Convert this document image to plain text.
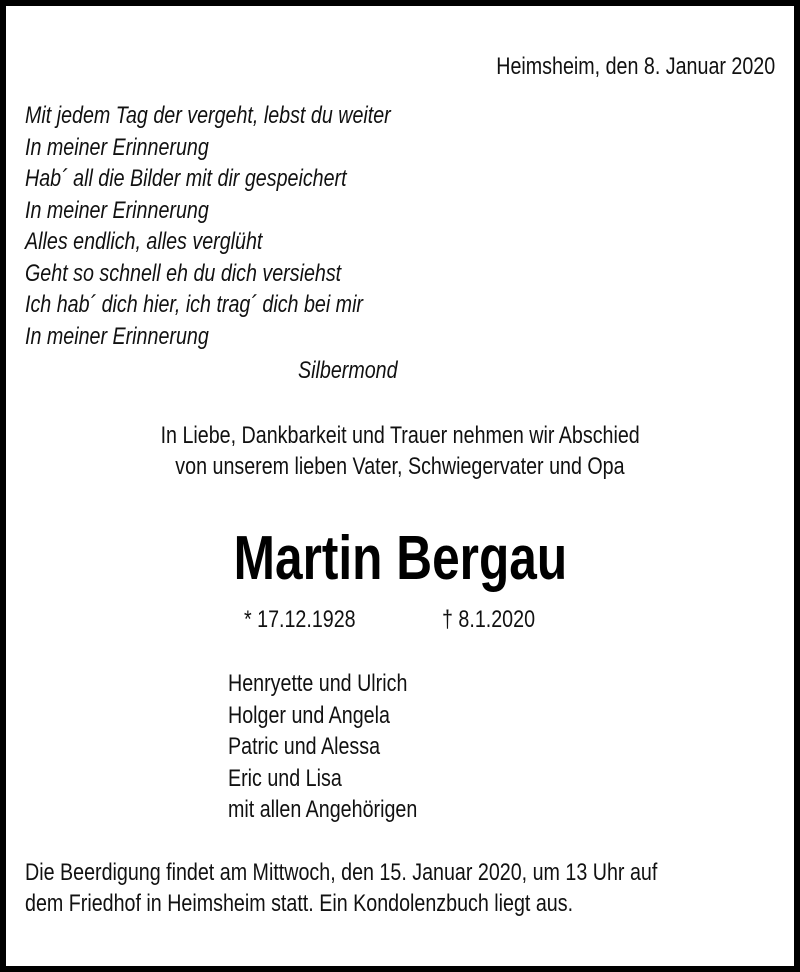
Heimsheim, den 8. Januar 2020
Mit jedem Tag der vergeht, lebst du weiter
In meiner Erinnerung
Hab´ all die Bilder mit dir gespeichert
In meiner Erinnerung
Alles endlich, alles verglüht
Geht so schnell eh du dich versiehst
Ich hab´ dich hier, ich trag´ dich bei mir
In meiner Erinnerung
Silbermond
In Liebe, Dankbarkeit und Trauer nehmen wir Abschied
von unserem lieben Vater, Schwiegervater und Opa
Martin Bergau
* 17.12.1928	† 8.1.2020
Henryette und Ulrich
Holger und Angela
Patric und Alessa
Eric und Lisa
mit allen Angehörigen
Die Beerdigung findet am Mittwoch, den 15. Januar 2020, um 13 Uhr auf
dem Friedhof in Heimsheim statt. Ein Kondolenzbuch liegt aus.
